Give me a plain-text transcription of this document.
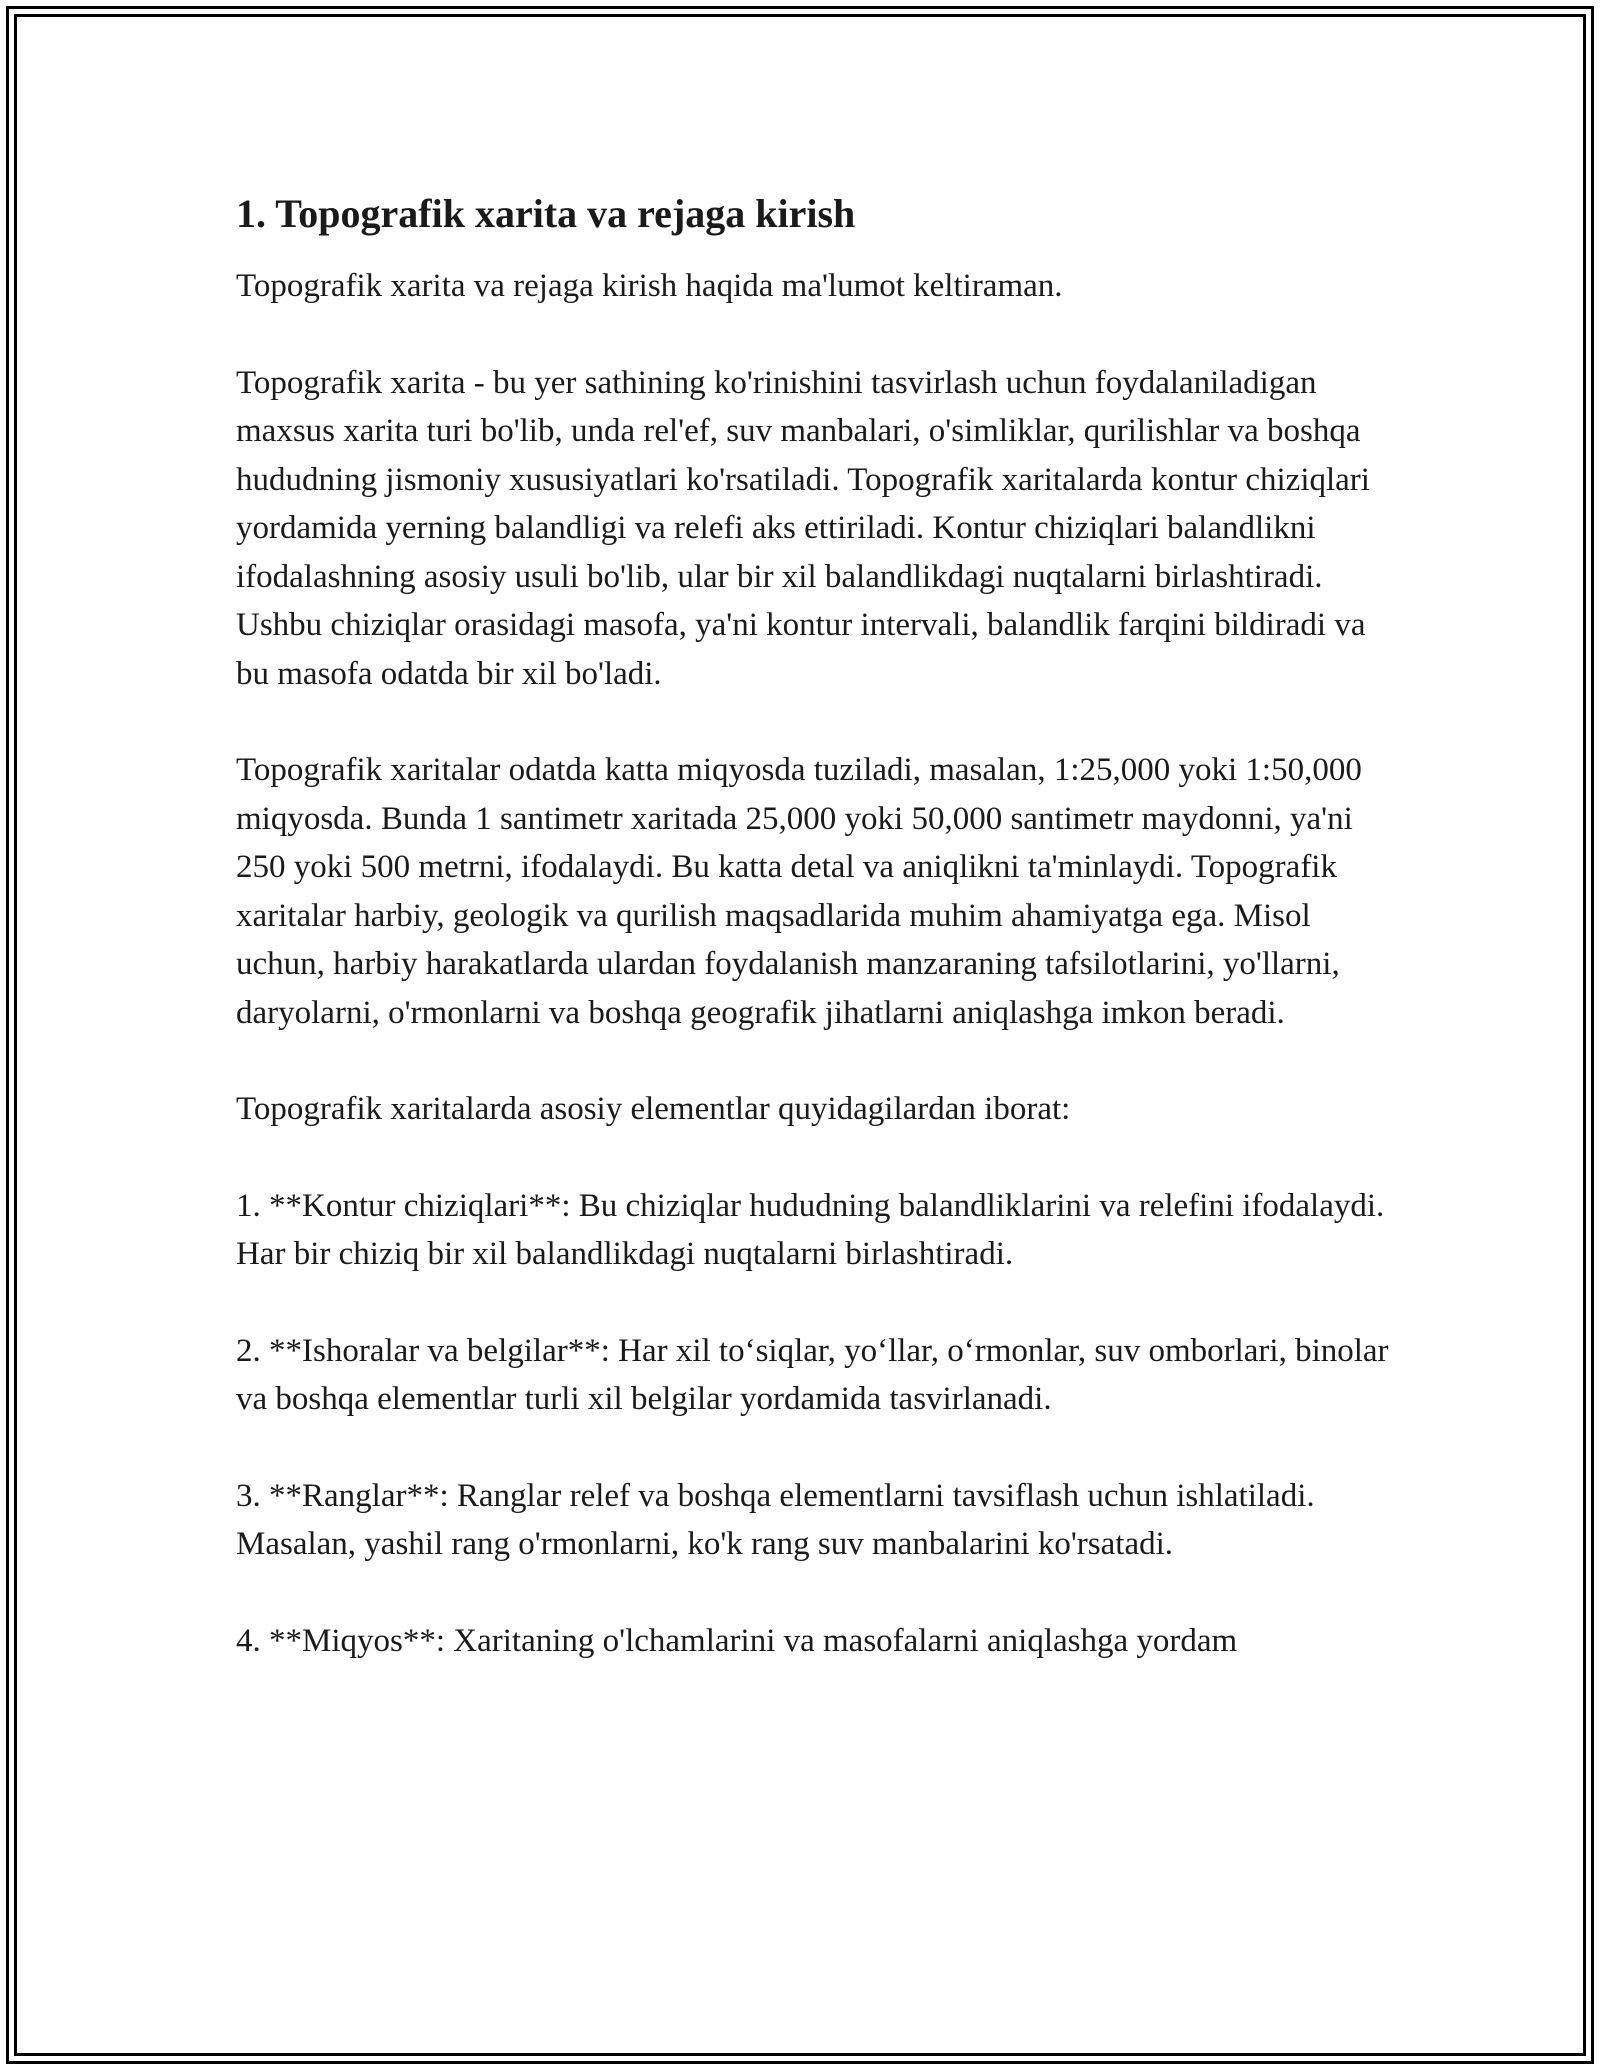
1. Topografik xarita va rejaga kirish

Topografik xarita va rejaga kirish haqida ma'lumot keltiraman.

Topografik xarita - bu yer sathining ko'rinishini tasvirlash uchun foydalaniladigan maxsus xarita turi bo'lib, unda rel'ef, suv manbalari, o'simliklar, qurilishlar va boshqa hududning jismoniy xususiyatlari ko'rsatiladi. Topografik xaritalarda kontur chiziqlari yordamida yerning balandligi va relefi aks ettiriladi. Kontur chiziqlari balandlikni ifodalashning asosiy usuli bo'lib, ular bir xil balandlikdagi nuqtalarni birlashtiradi. Ushbu chiziqlar orasidagi masofa, ya'ni kontur intervali, balandlik farqini bildiradi va bu masofa odatda bir xil bo'ladi.

Topografik xaritalar odatda katta miqyosda tuziladi, masalan, 1:25,000 yoki 1:50,000 miqyosda. Bunda 1 santimetr xaritada 25,000 yoki 50,000 santimetr maydonni, ya'ni 250 yoki 500 metrni, ifodalaydi. Bu katta detal va aniqlikni ta'minlaydi. Topografik xaritalar harbiy, geologik va qurilish maqsadlarida muhim ahamiyatga ega. Misol uchun, harbiy harakatlarda ulardan foydalanish manzaraning tafsilotlarini, yo'llarni, daryolarni, o'rmonlarni va boshqa geografik jihatlarni aniqlashga imkon beradi.

Topografik xaritalarda asosiy elementlar quyidagilardan iborat:

1. **Kontur chiziqlari**: Bu chiziqlar hududning balandliklarini va relefini ifodalaydi. Har bir chiziq bir xil balandlikdagi nuqtalarni birlashtiradi.

2. **Ishoralar va belgilar**: Har xil to‘siqlar, yo‘llar, o‘rmonlar, suv omborlari, binolar va boshqa elementlar turli xil belgilar yordamida tasvirlanadi.

3. **Ranglar**: Ranglar relef va boshqa elementlarni tavsiflash uchun ishlatiladi. Masalan, yashil rang o'rmonlarni, ko'k rang suv manbalarini ko'rsatadi.

4. **Miqyos**: Xaritaning o'lchamlarini va masofalarni aniqlashga yordam
